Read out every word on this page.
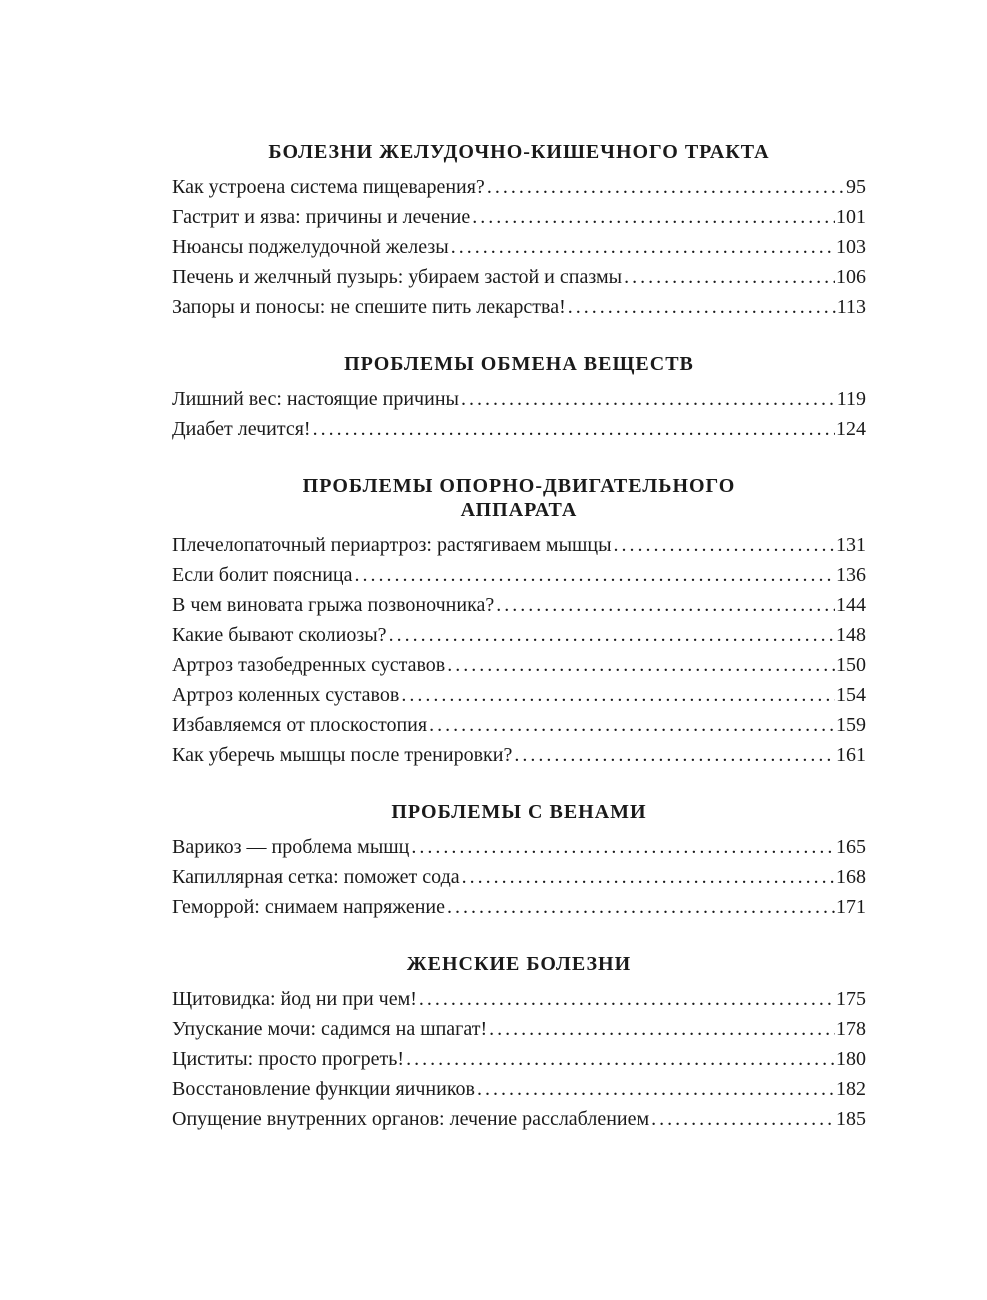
БОЛЕЗНИ ЖЕЛУДОЧНО-КИШЕЧНОГО ТРАКТА
Как устроена система пищеварения? .....	95
Гастрит и язва: причины и лечение .....	101
Нюансы поджелудочной железы .....	103
Печень и желчный пузырь: убираем застой и спазмы .....	106
Запоры и поносы: не спешите пить лекарства! .....	113
ПРОБЛЕМЫ ОБМЕНА ВЕЩЕСТВ
Лишний вес: настоящие причины .....	119
Диабет лечится! .....	124
ПРОБЛЕМЫ ОПОРНО-ДВИГАТЕЛЬНОГО
АППАРАТА
Плечелопаточный периартроз: растягиваем мышцы .....	131
Если болит поясница .....	136
В чем виновата грыжа позвоночника? .....	144
Какие бывают сколиозы? .....	148
Артроз тазобедренных суставов .....	150
Артроз коленных суставов .....	154
Избавляемся от плоскостопия .....	159
Как уберечь мышцы после тренировки? .....	161
ПРОБЛЕМЫ С ВЕНАМИ
Варикоз — проблема мышц .....	165
Капиллярная сетка: поможет сода .....	168
Геморрой: снимаем напряжение .....	171
ЖЕНСКИЕ БОЛЕЗНИ
Щитовидка: йод ни при чем! .....	175
Упускание мочи: садимся на шпагат! .....	178
Циститы: просто прогреть! .....	180
Восстановление функции яичников .....	182
Опущение внутренних органов: лечение расслаблением .....	185
